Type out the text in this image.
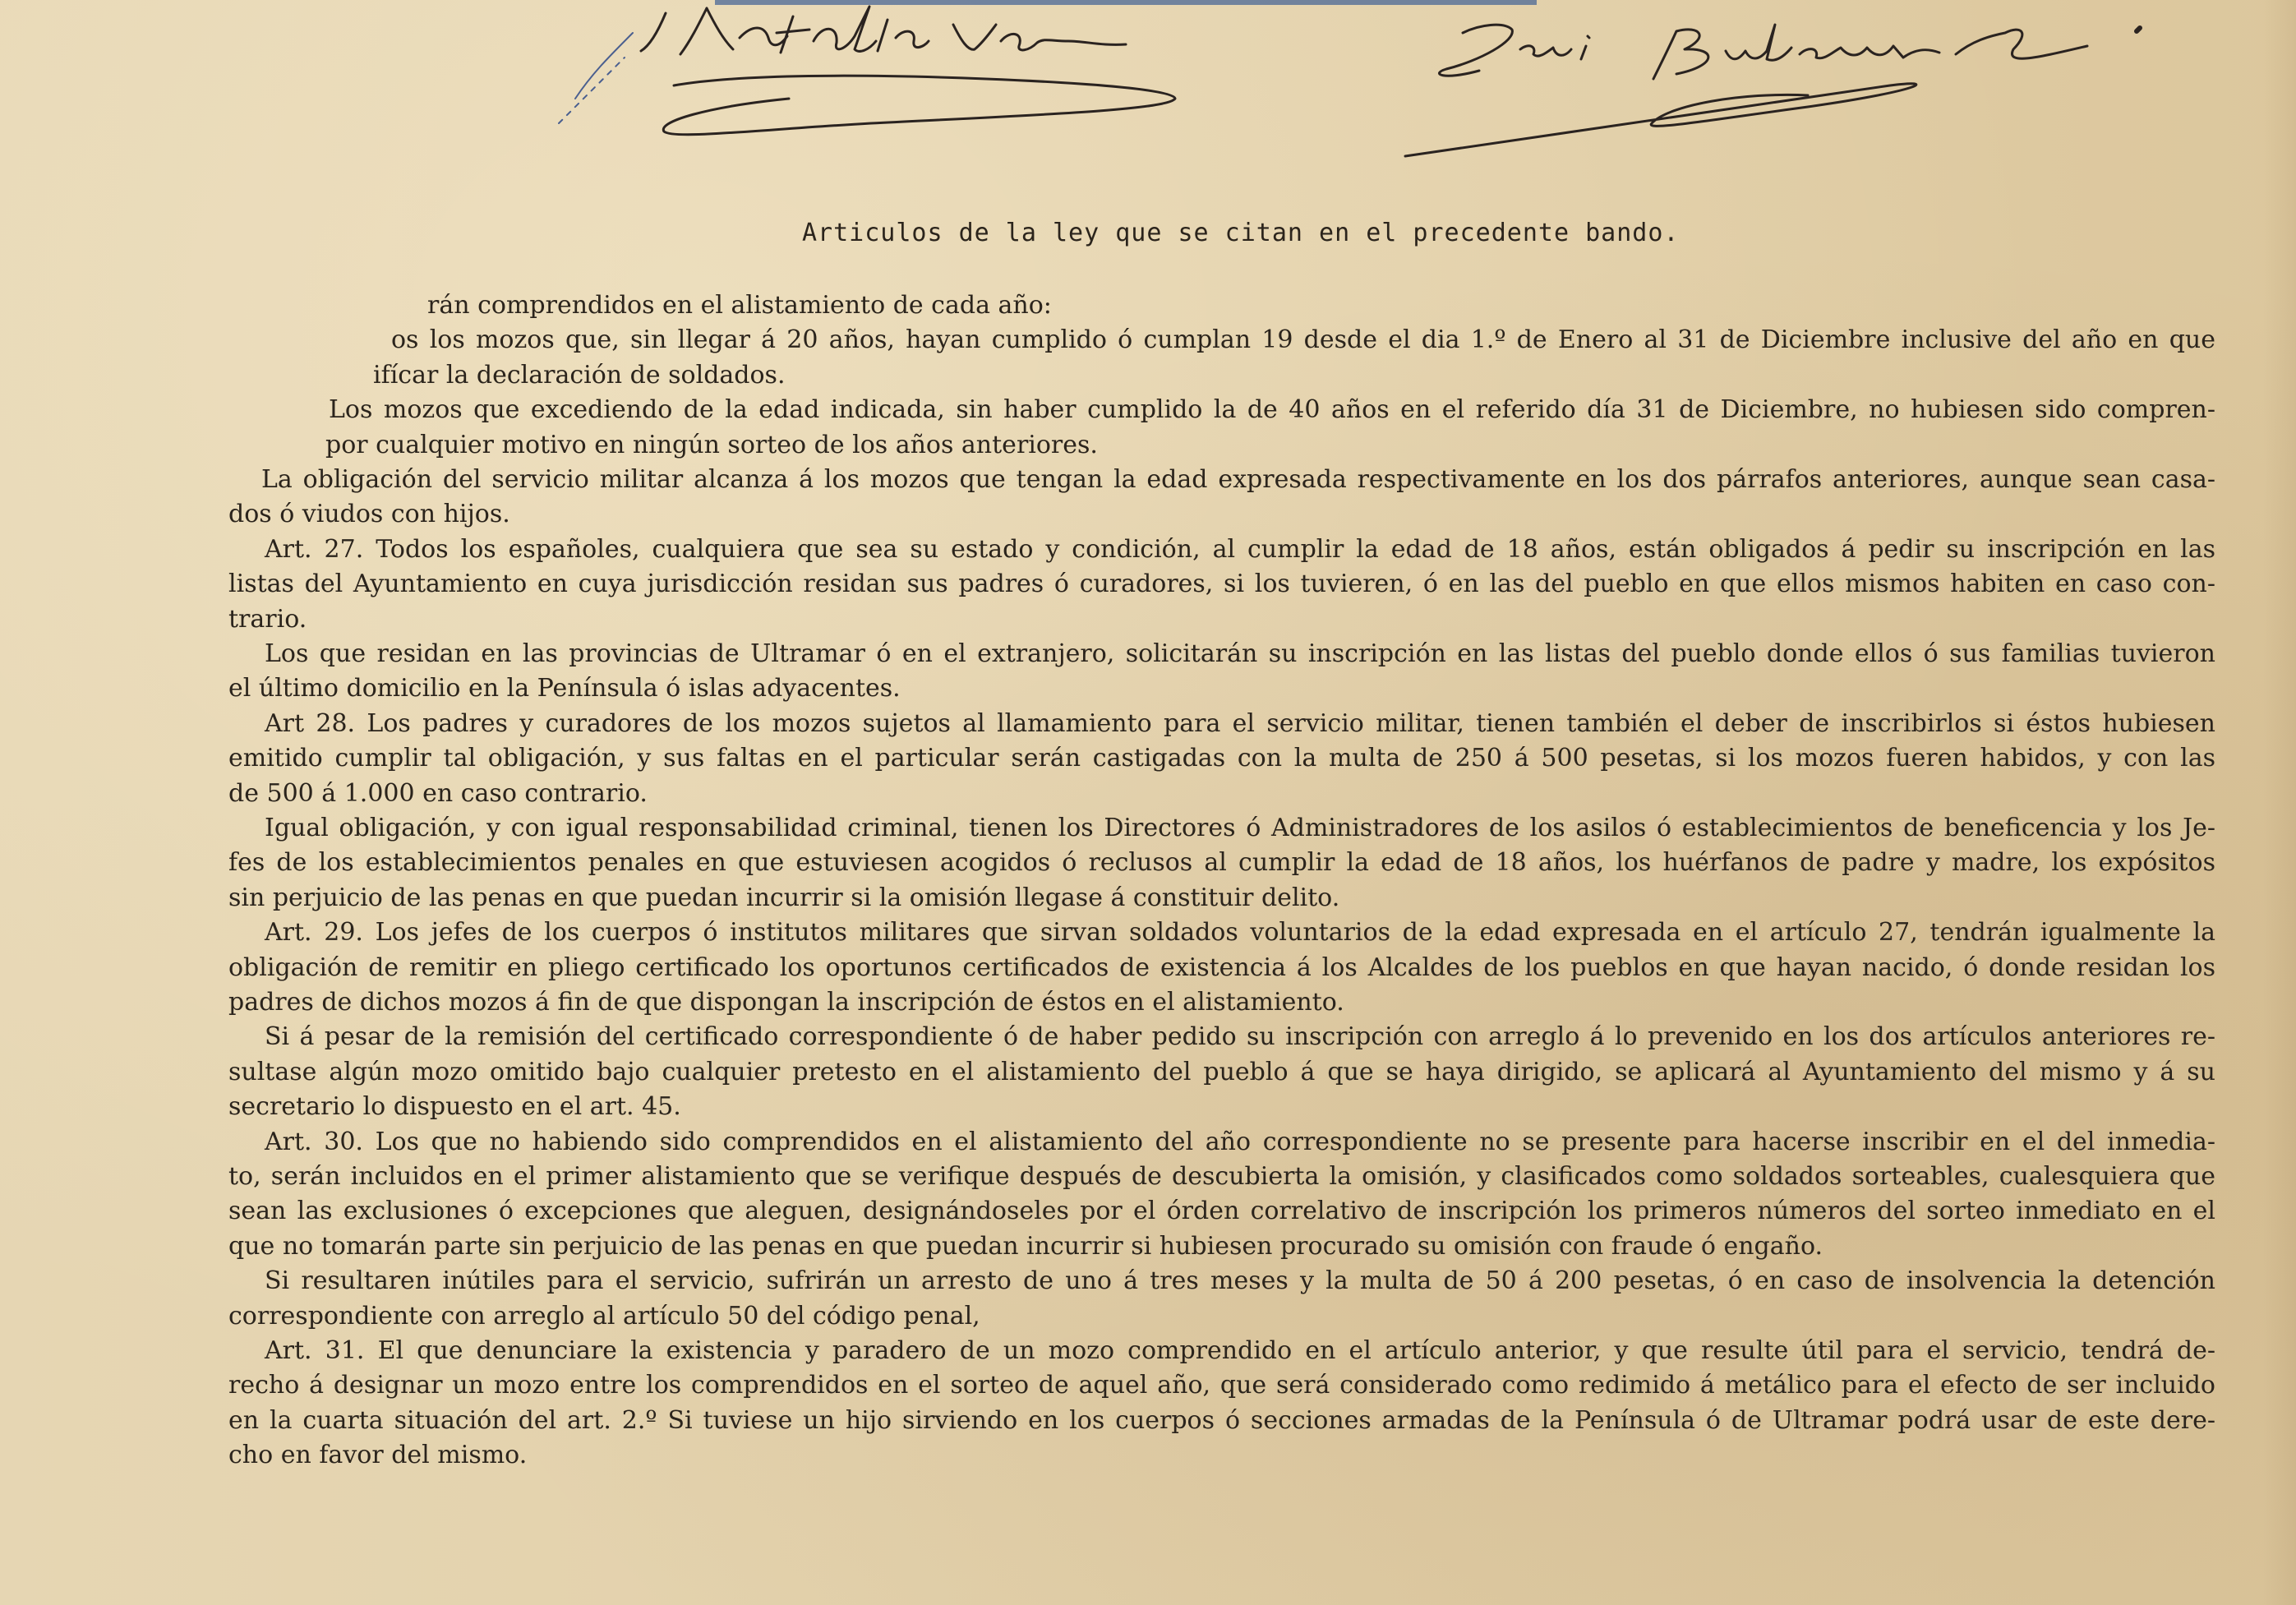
Articulos de la ley que se citan en el precedente bando.
rán comprendidos en el alistamiento de cada año:
os los mozos que, sin llegar á 20 años, hayan cumplido ó cumplan 19 desde el dia 1.º de Enero al 31 de Diciembre inclusive del año en que
ifícar la declaración de soldados.
Los mozos que excediendo de la edad indicada, sin haber cumplido la de 40 años en el referido día 31 de Diciembre, no hubiesen sido compren-
por cualquier motivo en ningún sorteo de los años anteriores.
La obligación del servicio militar alcanza á los mozos que tengan la edad expresada respectivamente en los dos párrafos anteriores, aunque sean casa-
dos ó viudos con hijos.
Art. 27. Todos los españoles, cualquiera que sea su estado y condición, al cumplir la edad de 18 años, están obligados á pedir su inscripción en las
listas del Ayuntamiento en cuya jurisdicción residan sus padres ó curadores, si los tuvieren, ó en las del pueblo en que ellos mismos habiten en caso con-
trario.
Los que residan en las provincias de Ultramar ó en el extranjero, solicitarán su inscripción en las listas del pueblo donde ellos ó sus familias tuvieron
el último domicilio en la Península ó islas adyacentes.
Art 28. Los padres y curadores de los mozos sujetos al llamamiento para el servicio militar, tienen también el deber de inscribirlos si éstos hubiesen
emitido cumplir tal obligación, y sus faltas en el particular serán castigadas con la multa de 250 á 500 pesetas, si los mozos fueren habidos, y con las
de 500 á 1.000 en caso contrario.
Igual obligación, y con igual responsabilidad criminal, tienen los Directores ó Administradores de los asilos ó establecimientos de beneficencia y los Je-
fes de los establecimientos penales en que estuviesen acogidos ó reclusos al cumplir la edad de 18 años, los huérfanos de padre y madre, los expósitos
sin perjuicio de las penas en que puedan incurrir si la omisión llegase á constituir delito.
Art. 29. Los jefes de los cuerpos ó institutos militares que sirvan soldados voluntarios de la edad expresada en el artículo 27, tendrán igualmente la
obligación de remitir en pliego certificado los oportunos certificados de existencia á los Alcaldes de los pueblos en que hayan nacido, ó donde residan los
padres de dichos mozos á fin de que dispongan la inscripción de éstos en el alistamiento.
Si á pesar de la remisión del certificado correspondiente ó de haber pedido su inscripción con arreglo á lo prevenido en los dos artículos anteriores re-
sultase algún mozo omitido bajo cualquier pretesto en el alistamiento del pueblo á que se haya dirigido, se aplicará al Ayuntamiento del mismo y á su
secretario lo dispuesto en el art. 45.
Art. 30. Los que no habiendo sido comprendidos en el alistamiento del año correspondiente no se presente para hacerse inscribir en el del inmedia-
to, serán incluidos en el primer alistamiento que se verifique después de descubierta la omisión, y clasificados como soldados sorteables, cualesquiera que
sean las exclusiones ó excepciones que aleguen, designándoseles por el órden correlativo de inscripción los primeros números del sorteo inmediato en el
que no tomarán parte sin perjuicio de las penas en que puedan incurrir si hubiesen procurado su omisión con fraude ó engaño.
Si resultaren inútiles para el servicio, sufrirán un arresto de uno á tres meses y la multa de 50 á 200 pesetas, ó en caso de insolvencia la detención
correspondiente con arreglo al artículo 50 del código penal,
Art. 31. El que denunciare la existencia y paradero de un mozo comprendido en el artículo anterior, y que resulte útil para el servicio, tendrá de-
recho á designar un mozo entre los comprendidos en el sorteo de aquel año, que será considerado como redimido á metálico para el efecto de ser incluido
en la cuarta situación del art. 2.º Si tuviese un hijo sirviendo en los cuerpos ó secciones armadas de la Península ó de Ultramar podrá usar de este dere-
cho en favor del mismo.
